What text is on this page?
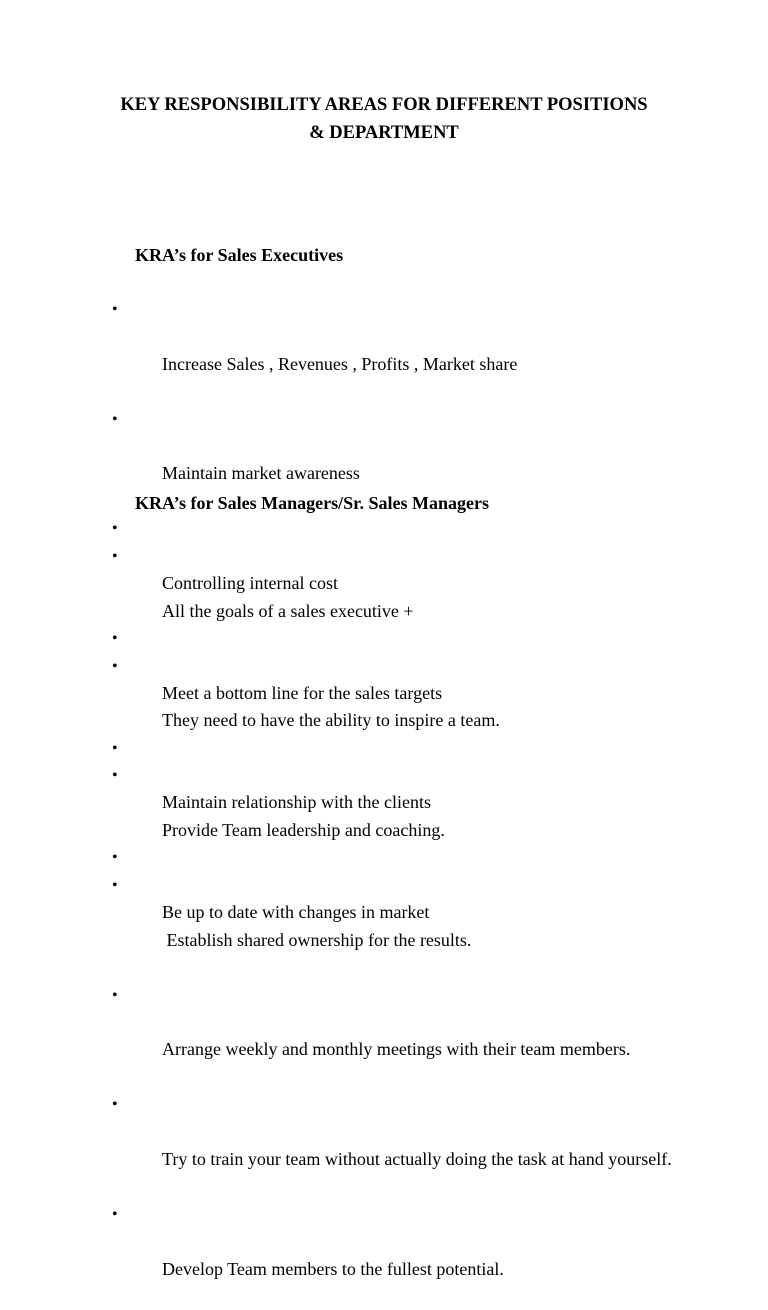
KEY RESPONSIBILITY AREAS FOR DIFFERENT POSITIONS
& DEPARTMENT
KRA’s for Sales Executives

•

Increase Sales , Revenues , Profits , Market share

•

Maintain market awareness

•

Controlling internal cost

•

Meet a bottom line for the sales targets

•

Maintain relationship with the clients

•

Be up to date with changes in market

KRA’s for Sales Managers/Sr. Sales Managers

•

All the goals of a sales executive +

•

They need to have the ability to inspire a team.

•

Provide Team leadership and coaching.

•

Establish shared ownership for the results.

•

Arrange weekly and monthly meetings with their team members.

•

Try to train your team without actually doing the task at hand yourself.

•

Develop Team members to the fullest potential.
